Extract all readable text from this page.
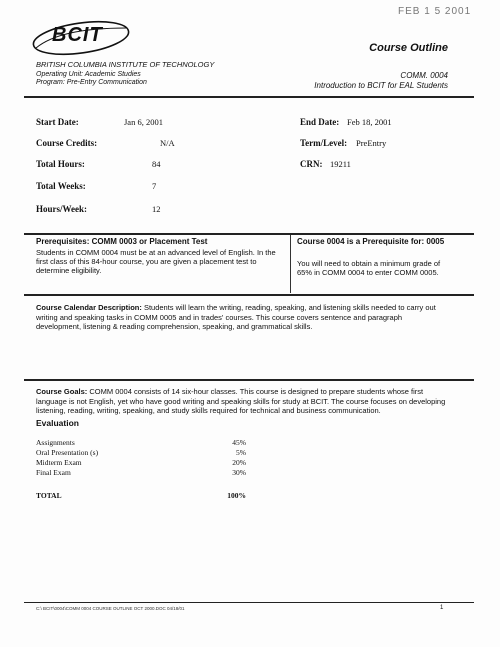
FEB 1 5 2001
BCIT
BRITISH COLUMBIA INSTITUTE OF TECHNOLOGY
Operating Unit: Academic Studies
Program: Pre-Entry Communication
Course Outline
COMM. 0004
Introduction to BCIT for EAL Students
Start Date:	Jan 6, 2001
Course Credits:	N/A
Total Hours:	84
Total Weeks:	7
Hours/Week:	12
End Date: Feb 18, 2001
Term/Level: PreEntry
CRN: 19211
Prerequisites: COMM 0003 or Placement Test
Students in COMM 0004 must be at an advanced level of English. In the first class of this 84-hour course, you are given a placement test to determine eligibility.
Course 0004 is a Prerequisite for: 0005
You will need to obtain a minimum grade of 65% in COMM 0004 to enter COMM 0005.
Course Calendar Description: Students will learn the writing, reading, speaking, and listening skills needed to carry out writing and speaking tasks in COMM 0005 and in trades' courses. This course covers sentence and paragraph development, listening & reading comprehension, speaking, and grammatical skills.
Course Goals: COMM 0004 consists of 14 six-hour classes. This course is designed to prepare students whose first language is not English, yet who have good writing and speaking skills for study at BCIT. The course focuses on developing listening, reading, writing, speaking, and study skills required for technical and business communication.
Evaluation
Assignments	45%
Oral Presentation (s)	5%
Midterm Exam	20%
Final Exam	30%
TOTAL	100%
C:\ BCIT\0004\COMM 0004 COURSE OUTLINE OCT 2000.DOC 04/18/01	1
